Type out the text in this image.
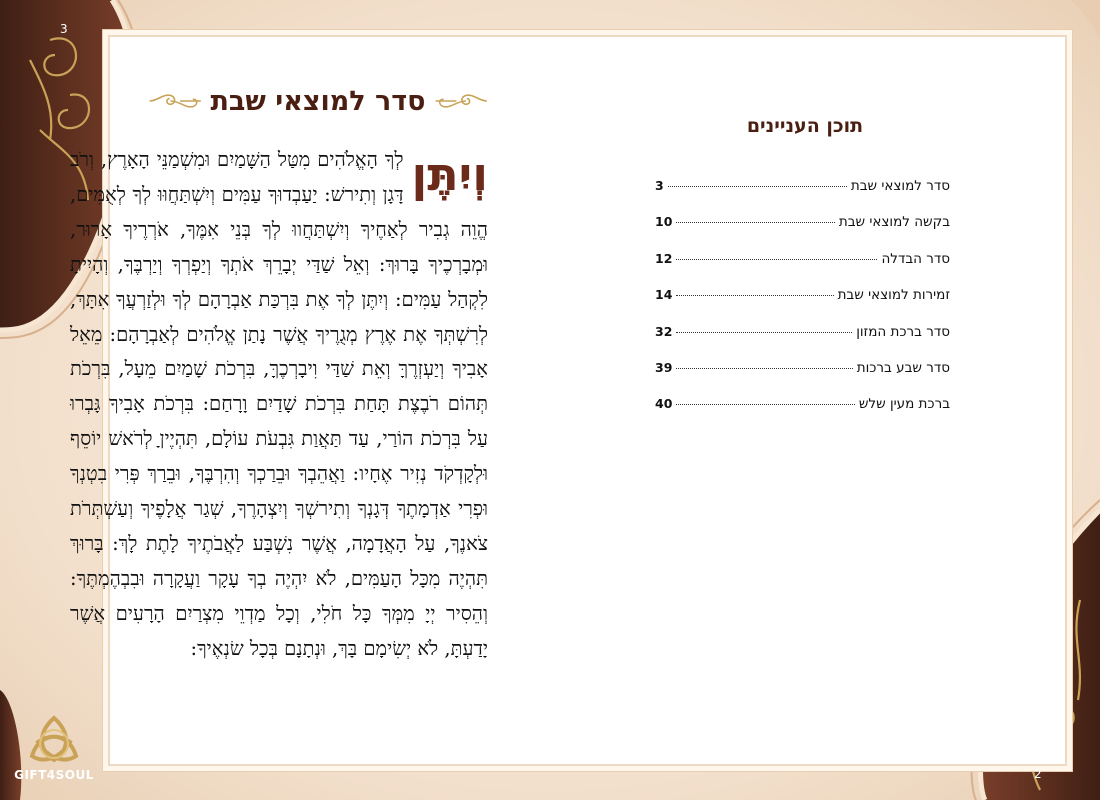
3
2
סדר למוצאי שבת
וְיִתֶּן
לְךָ הָאֱלֹהִים מִטַּל הַשָּׁמַיִם וּמִשְׁמַנֵּי הָאָרֶץ, וְרֹב דָּגָן וְתִירשׁ: יַעַבְדוּךָ עַמִּים וְיִשְׁתַּחֲוּוּ לְךָ לְאֻמִּים, הֱוֵה גְבִיר לְאַחֶיךָ וְיִשְׁתַּחֲווּ לְךָ בְּנֵי אִמֶּךָ, אֹרְרֶיךָ אָרוּר, וּמְבָרְכֶיךָ בָּרוּךְ: וְאֵל שַׁדַּי יְבָרֵךְ אֹתְךָ וְיַפְרְךָ וְיַרְבֶּךָ, וְהָיִיתָ לִקְהַל עַמִּים: וְיִתֶּן לְךָ אֶת בִּרְכַּת אַבְרָהָם לְךָ וּלְזַרְעֲךָ אִתָּךְ, לְרִשְׁתְּךָ אֶת אֶרֶץ מְגֻרֶיךָ אֲשֶׁר נָתַן אֱלֹהִים לְאַבְרָהָם: מֵאֵל אָבִיךָ וְיַעְזְרֶךָּ וְאֵת שַׁדַּי וִיבָרְכֶךָּ, בִּרְכֹת שָׁמַיִם מֵעָל, בִּרְכֹת תְּהוֹם רֹבֶצֶת תָּחַת בִּרְכֹת שָׁדַיִם וָרָחַם: בִּרְכֹת אָבִיךָ גָּבְרוּ עַל בִּרְכֹת הוֹרַי, עַד תַּאֲוַת גִּבְעֹת עוֹלָם, תִּהְיֶיןָ לְרֹאשׁ יוֹסֵף וּלְקָדְקֹד נְזִיר אֶחָיו: וַאֲהֵבְךָ וּבֵרַכְךָ וְהִרְבֶּךָ, וּבֵרַךְ פְּרִי בִטְנְךָ וּפְרִי אַדְמָתֶךָ דְּגָנְךָ וְתִירשְׁךָ וְיִצְהָרֶךָ, שְׁגַר אֲלָפֶיךָ וְעַשְׁתְּרֹת צֹאנֶךָ, עַל הָאֲדָמָה, אֲשֶׁר נִשְׁבַּע לַאֲבֹתֶיךָ לָתֶת לָךְ: בָּרוּךְ תִּהְיֶה מִכָּל הָעַמִּים, לֹא יִהְיֶה בְךָ עָקָר וַעֲקָרָה וּבִבְהֶמְתֶּךָ: וְהֵסִיר יְיָ מִמְּךָ כָּל חֹלִי, וְכָל מַדְוֵי מִצְרַיִם הָרָעִים אֲשֶׁר יָדַעְתָּ, לֹא יְשִׂימָם בָּךְ, וּנְתָנָם בְּכָל שׂנְאֶיךָ:
תוכן העניינים
סדר למוצאי שבת
3
בקשה למוצאי שבת
10
סדר הבדלה
12
זמירות למוצאי שבת
14
סדר ברכת המזון
32
סדר שבע ברכות
39
ברכת מעין שלש
40
GIFT4SOUL
